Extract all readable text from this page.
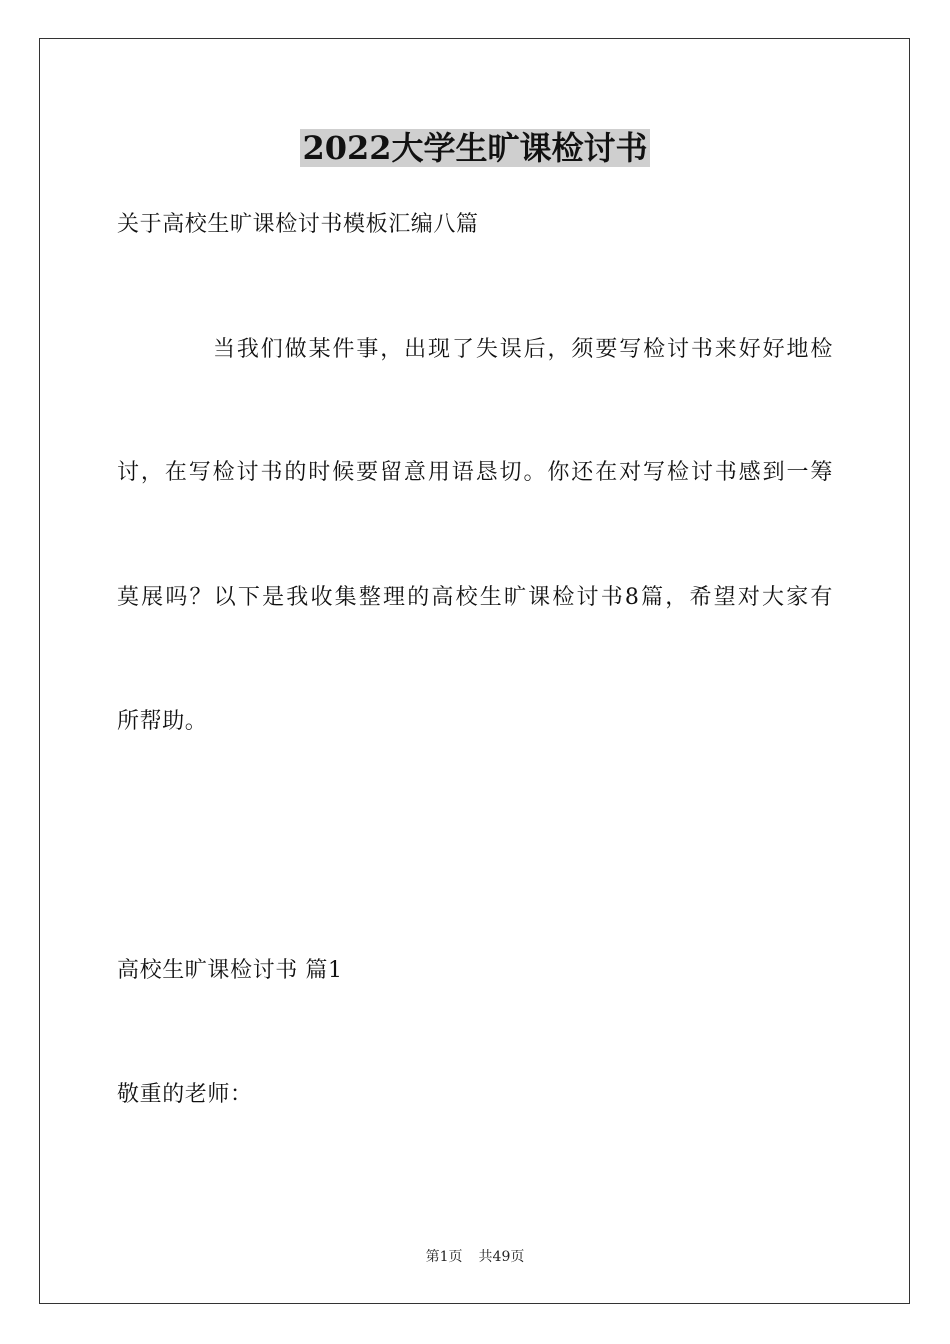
2022大学生旷课检讨书
关于高校生旷课检讨书模板汇编八篇
当我们做某件事，出现了失误后，须要写检讨书来好好地检
讨，在写检讨书的时候要留意用语恳切。你还在对写检讨书感到一筹
莫展吗？以下是我收集整理的高校生旷课检讨书8篇，希望对大家有
所帮助。
高校生旷课检讨书 篇1
敬重的老师：
第1页 共49页
